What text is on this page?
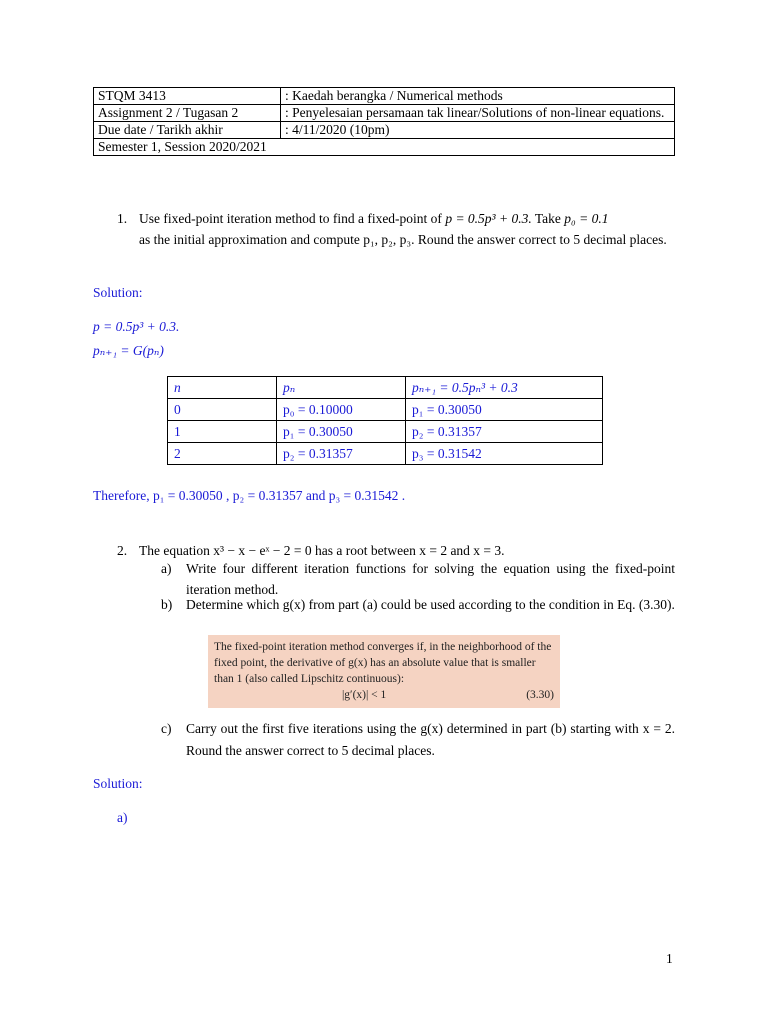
STQM 3413	: Kaedah berangka / Numerical methods
Assignment 2 / Tugasan 2	: Penyelesaian persamaan tak linear/Solutions of non-linear equations.
Due date / Tarikh akhir	: 4/11/2020 (10pm)
Semester 1, Session 2020/2021	
1. Use fixed-point iteration method to find a fixed-point of p = 0.5p³ + 0.3. Take p₀ = 0.1
as the initial approximation and compute p₁, p₂, p₃. Round the answer correct to 5 decimal places.
Solution:
p = 0.5p³ + 0.3.
pₙ₊₁ = G(pₙ)
n	pₙ	pₙ₊₁ = 0.5pₙ³ + 0.3
0	p₀ = 0.10000	p₁ = 0.30050
1	p₁ = 0.30050	p₂ = 0.31357
2	p₂ = 0.31357	p₃ = 0.31542
Therefore, p₁ = 0.30050 , p₂ = 0.31357 and p₃ = 0.31542 .
2. The equation x³ − x − eˣ − 2 = 0 has a root between x = 2 and x = 3.
a) Write four different iteration functions for solving the equation using the fixed-point iteration method.
b) Determine which g(x) from part (a) could be used according to the condition in Eq. (3.30).
The fixed-point iteration method converges if, in the neighborhood of the fixed point, the derivative of g(x) has an absolute value that is smaller than 1 (also called Lipschitz continuous):
|g′(x)| < 1	(3.30)
c) Carry out the first five iterations using the g(x) determined in part (b) starting with x = 2. Round the answer correct to 5 decimal places.
Solution:
a)
1
